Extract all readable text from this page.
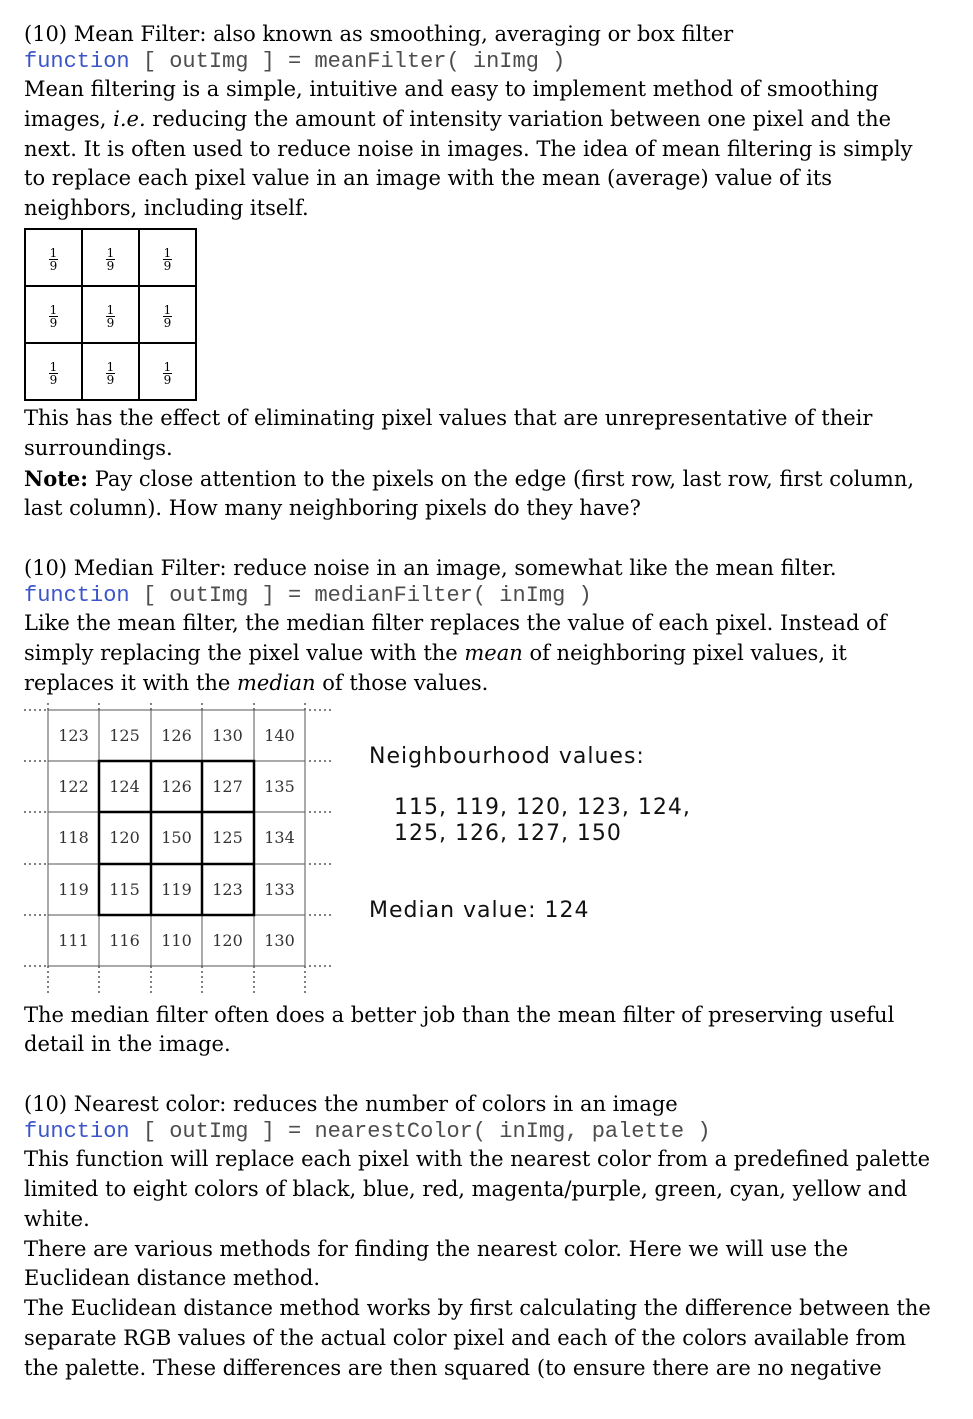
(10) Mean Filter: also known as smoothing, averaging or box filter

function [ outImg ] = meanFilter( inImg )

Mean filtering is a simple, intuitive and easy to implement method of smoothing

images, i.e. reducing the amount of intensity variation between one pixel and the

next. It is often used to reduce noise in images. The idea of mean filtering is simply

to replace each pixel value in an image with the mean (average) value of its

neighbors, including itself.

$\frac{1}{9}$	$\frac{1}{9}$	$\frac{1}{9}$

$\frac{1}{9}$	$\frac{1}{9}$	$\frac{1}{9}$

$\frac{1}{9}$	$\frac{1}{9}$	$\frac{1}{9}$

This has the effect of eliminating pixel values that are unrepresentative of their

surroundings.

Note: Pay close attention to the pixels on the edge (first row, last row, first column,

last column). How many neighboring pixels do they have?

(10) Median Filter: reduce noise in an image, somewhat like the mean filter.

function [ outImg ] = medianFilter( inImg )

Like the mean filter, the median filter replaces the value of each pixel. Instead of

simply replacing the pixel value with the mean of neighboring pixel values, it

replaces it with the median of those values.

123	125	126	130	140
122	124	126	127	135
118	120	150	125	134
119	115	119	123	133
111	116	110	120	130

Neighbourhood values:

115, 119, 120, 123, 124,
125, 126, 127, 150

Median value: 124

The median filter often does a better job than the mean filter of preserving useful

detail in the image.

(10) Nearest color: reduces the number of colors in an image

function [ outImg ] = nearestColor( inImg, palette )

This function will replace each pixel with the nearest color from a predefined palette

limited to eight colors of black, blue, red, magenta/purple, green, cyan, yellow and

white.

There are various methods for finding the nearest color. Here we will use the

Euclidean distance method.

The Euclidean distance method works by first calculating the difference between the

separate RGB values of the actual color pixel and each of the colors available from

the palette. These differences are then squared (to ensure there are no negative
